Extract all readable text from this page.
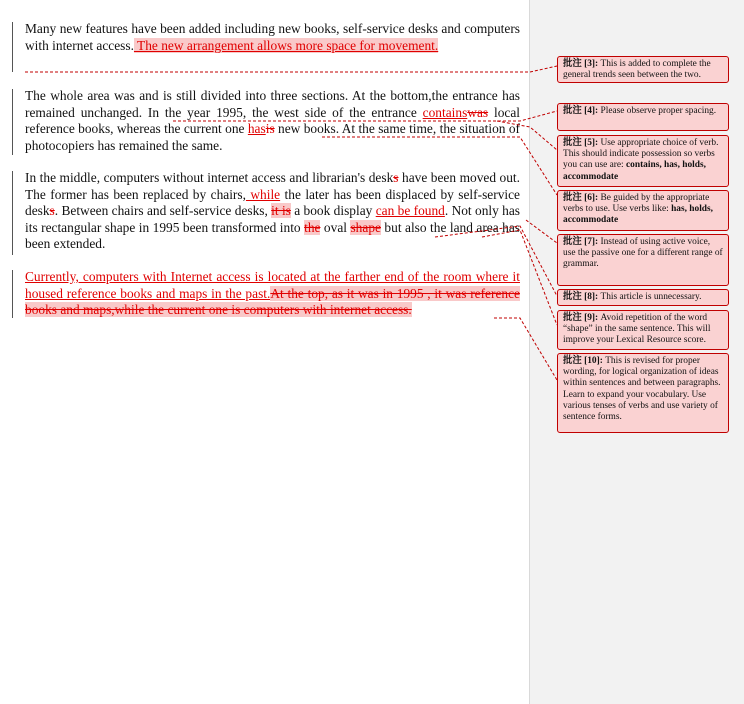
Many new features have been added including new books, self-service desks and computers with internet access. The new arrangement allows more space for movement.
The whole area was and is still divided into three sections. At the bottom,the entrance has remained unchanged. In the year 1995, the west side of the entrance containswas local reference books, whereas the current one hasis new books. At the same time, the situation of photocopiers has remained the same.
In the middle, computers without internet access and librarian's desks have been moved out. The former has been replaced by chairs, while the later has been displaced by self-service desks. Between chairs and self-service desks, it is a book display can be found. Not only has its rectangular shape in 1995 been transformed into the oval shape but also the land area has been extended.
Currently, computers with Internet access is located at the farther end of the room where it housed reference books and maps in the past.At the top, as it was in 1995 , it was reference books and maps,while the current one is computers with internet access.
批注 [3]: This is added to complete the general trends seen between the two.
批注 [4]: Please observe proper spacing.
批注 [5]: Use appropriate choice of verb. This should indicate possession so verbs you can use are: contains, has, holds, accommodate
批注 [6]: Be guided by the appropriate verbs to use. Use verbs like: has, holds, accommodate
批注 [7]: Instead of using active voice, use the passive one for a different range of grammar.
批注 [8]: This article is unnecessary.
批注 [9]: Avoid repetition of the word “shape” in the same sentence. This will improve your Lexical Resource score.
批注 [10]: This is revised for proper wording, for logical organization of ideas within sentences and between paragraphs. Learn to expand your vocabulary. Use various tenses of verbs and use variety of sentence forms.
